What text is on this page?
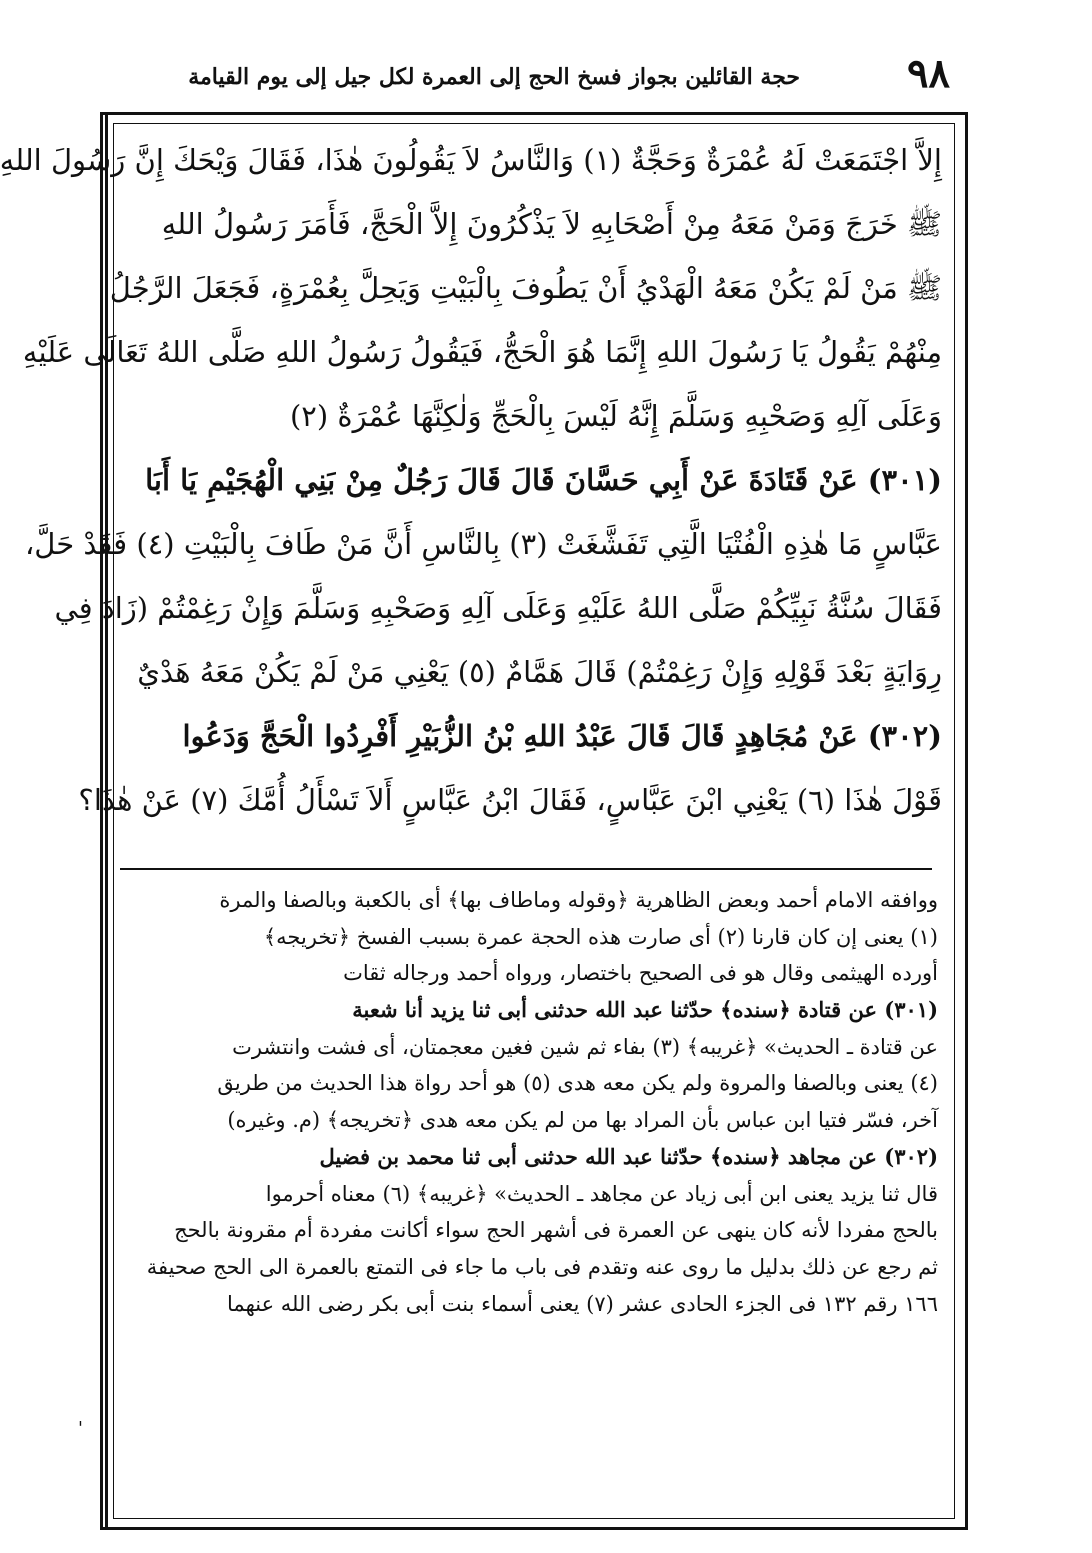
٩٨
حجة القائلين بجواز فسخ الحج إلى العمرة لكل جيل إلى يوم القيامة
إِلاَّ اجْتَمَعَتْ لَهُ عُمْرَةٌ وَحَجَّةٌ (١) وَالنَّاسُ لاَ يَقُولُونَ هٰذَا، فَقَالَ وَيْحَكَ إِنَّ رَسُولَ اللهِ
ﷺ خَرَجَ وَمَنْ مَعَهُ مِنْ أَصْحَابِهِ لاَ يَذْكُرُونَ إِلاَّ الْحَجَّ، فَأَمَرَ رَسُولُ اللهِ
ﷺ مَنْ لَمْ يَكُنْ مَعَهُ الْهَدْيُ أَنْ يَطُوفَ بِالْبَيْتِ وَيَحِلَّ بِعُمْرَةٍ، فَجَعَلَ الرَّجُلُ
مِنْهُمْ يَقُولُ يَا رَسُولَ اللهِ إِنَّمَا هُوَ الْحَجُّ، فَيَقُولُ رَسُولُ اللهِ صَلَّى اللهُ تَعَالَى عَلَيْهِ
وَعَلَى آلِهِ وَصَحْبِهِ وَسَلَّمَ إِنَّهُ لَيْسَ بِالْحَجِّ وَلٰكِنَّهَا عُمْرَةٌ (٢)
(٣٠١) عَنْ قَتَادَةَ عَنْ أَبِي حَسَّانَ قَالَ قَالَ رَجُلٌ مِنْ بَنِي الْهُجَيْمِ يَا أَبَا
عَبَّاسٍ مَا هٰذِهِ الْفُتْيَا الَّتِي تَفَشَّغَتْ (٣) بِالنَّاسِ أَنَّ مَنْ طَافَ بِالْبَيْتِ (٤) فَقَدْ حَلَّ،
فَقَالَ سُنَّةُ نَبِيِّكُمْ صَلَّى اللهُ عَلَيْهِ وَعَلَى آلِهِ وَصَحْبِهِ وَسَلَّمَ وَإِنْ رَغِمْتُمْ (زَادَ فِي
رِوَايَةٍ بَعْدَ قَوْلِهِ وَإِنْ رَغِمْتُمْ) قَالَ هَمَّامٌ (٥) يَعْنِي مَنْ لَمْ يَكُنْ مَعَهُ هَدْيٌ
(٣٠٢) عَنْ مُجَاهِدٍ قَالَ قَالَ عَبْدُ اللهِ بْنُ الزُّبَيْرِ أَفْرِدُوا الْحَجَّ وَدَعُوا
قَوْلَ هٰذَا (٦) يَعْنِي ابْنَ عَبَّاسٍ، فَقَالَ ابْنُ عَبَّاسٍ أَلاَ تَسْأَلُ أُمَّكَ (٧) عَنْ هٰذَا؟
ووافقه الامام أحمد وبعض الظاهرية ﴿وقوله وماطاف بها﴾ أى بالكعبة وبالصفا والمرة
(١) يعنى إن كان قارنا (٢) أى صارت هذه الحجة عمرة بسبب الفسخ ﴿تخريجه﴾
أورده الهيثمى وقال هو فى الصحيح باختصار، ورواه أحمد ورجاله ثقات
(٣٠١) عن قتادة ﴿سنده﴾ حدّثنا عبد الله حدثنى أبى ثنا يزيد أنا شعبة
عن قتادة ـ الحديث» ﴿غريبه﴾ (٣) بفاء ثم شين فغين معجمتان، أى فشت وانتشرت
(٤) يعنى وبالصفا والمروة ولم يكن معه هدى (٥) هو أحد رواة هذا الحديث من طريق
آخر، فسّر فتيا ابن عباس بأن المراد بها من لم يكن معه هدى ﴿تخريجه﴾ (م. وغيره)
(٣٠٢) عن مجاهد ﴿سنده﴾ حدّثنا عبد الله حدثنى أبى ثنا محمد بن فضيل
قال ثنا يزيد يعنى ابن أبى زياد عن مجاهد ـ الحديث» ﴿غريبه﴾ (٦) معناه أحرموا
بالحج مفردا لأنه كان ينهى عن العمرة فى أشهر الحج سواء أكانت مفردة أم مقرونة بالحج
ثم رجع عن ذلك بدليل ما روى عنه وتقدم فى باب ما جاء فى التمتع بالعمرة الى الحج صحيفة
١٦٦ رقم ١٣٢ فى الجزء الحادى عشر (٧) يعنى أسماء بنت أبى بكر رضى الله عنهما
'
